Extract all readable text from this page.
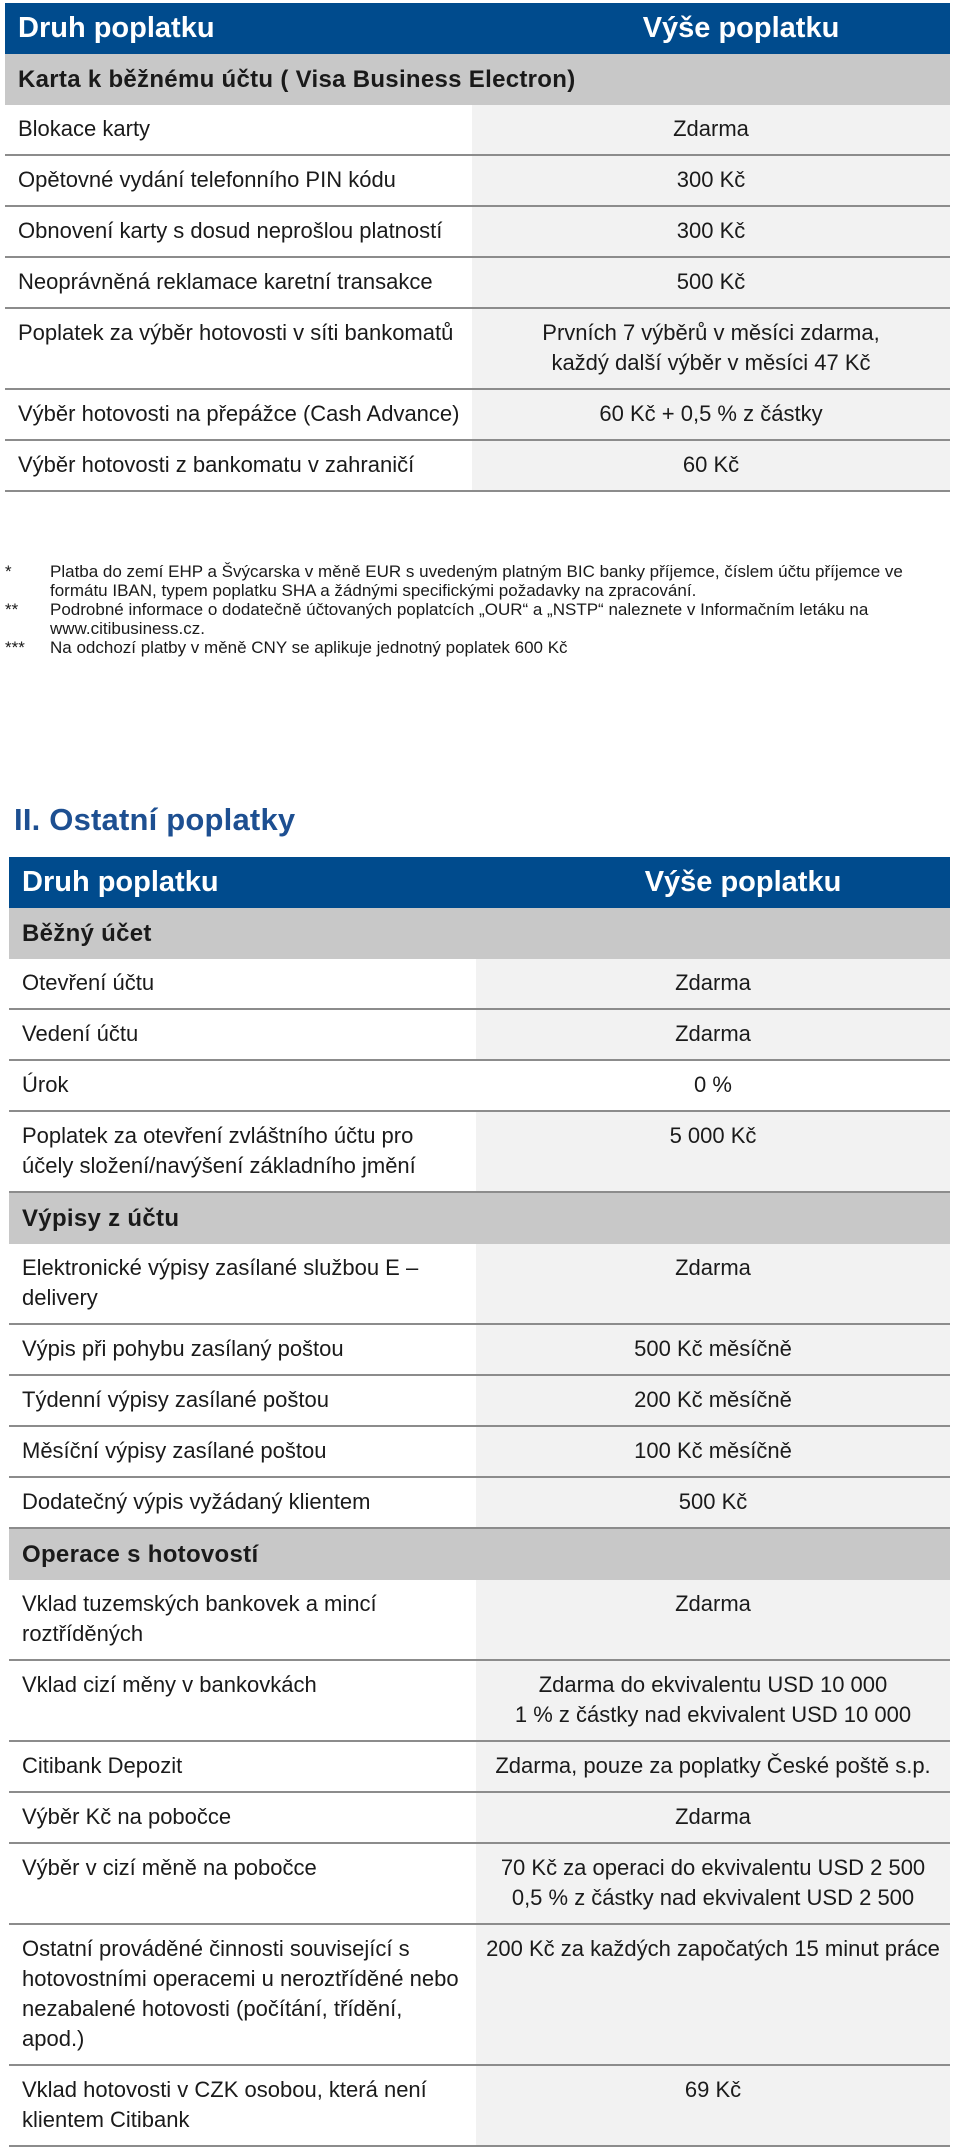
Druh poplatku	Výše poplatku
Karta k běžnému účtu ( Visa Business Electron)	
Blokace karty	Zdarma

Opětovné vydání telefonního PIN kódu	300 Kč

Obnovení karty s dosud neprošlou platností	300 Kč

Neoprávněná reklamace karetní transakce	500 Kč

Poplatek za výběr hotovosti v síti bankomatů	Prvních 7 výběrů v měsíci zdarma,
každý další výběr v měsíci 47 Kč

Výběr hotovosti na přepážce (Cash Advance)	60 Kč + 0,5 % z částky

Výběr hotovosti z bankomatu v zahraničí	60 Kč
* Platba do zemí EHP a Švýcarska v měně EUR s uvedeným platným BIC banky příjemce, číslem účtu příjemce ve formátu IBAN, typem poplatku SHA a žádnými specifickými požadavky na zpracování.
** Podrobné informace o dodatečně účtovaných poplatcích „OUR“ a „NSTP“ naleznete v Informačním letáku na www.citibusiness.cz.
*** Na odchozí platby v měně CNY se aplikuje jednotný poplatek 600 Kč
II. Ostatní poplatky
Druh poplatku	Výše poplatku
Běžný účet	
Otevření účtu	Zdarma

Vedení účtu	Zdarma

Úrok	0 %

Poplatek za otevření zvláštního účtu pro účely složení/navýšení základního jmění	5 000 Kč

Výpisy z účtu	
Elektronické výpisy zasílané službou E –delivery	Zdarma

Výpis při pohybu zasílaný poštou	500 Kč měsíčně

Týdenní výpisy zasílané poštou	200 Kč měsíčně

Měsíční výpisy zasílané poštou	100 Kč měsíčně

Dodatečný výpis vyžádaný klientem	500 Kč

Operace s hotovostí	
Vklad tuzemských bankovek a mincí roztříděných	Zdarma

Vklad cizí měny v bankovkách	Zdarma do ekvivalentu USD 10 000
1 % z částky nad ekvivalent USD 10 000

Citibank Depozit	Zdarma, pouze za poplatky České poště s.p.

Výběr Kč na pobočce	Zdarma

Výběr v cizí měně na pobočce	70 Kč za operaci do ekvivalentu USD 2 500
0,5 % z částky nad ekvivalent USD 2 500

Ostatní prováděné činnosti související s hotovostními operacemi u neroztříděné nebo nezabalené hotovosti (počítání, třídění, apod.)	200 Kč za každých započatých 15 minut práce

Vklad hotovosti v CZK osobou, která není klientem Citibank	69 Kč
